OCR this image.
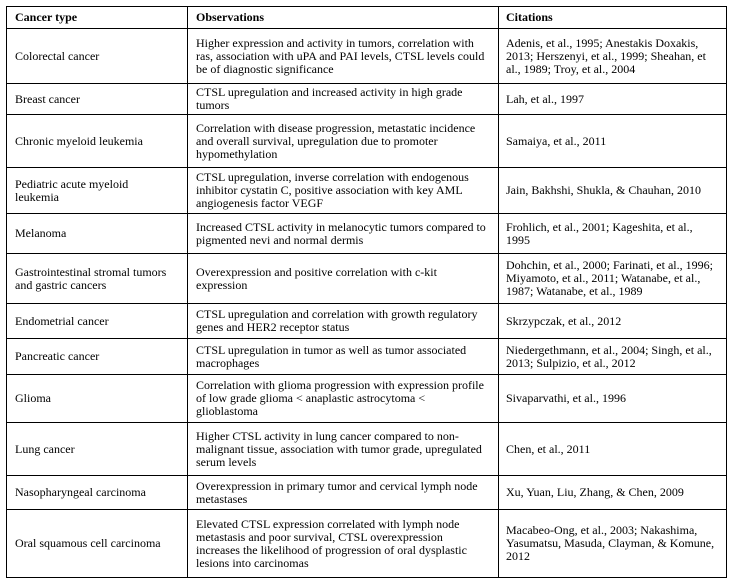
Cancer type	Observations	Citations
Colorectal cancer	Higher expression and activity in tumors, correlation with ras, association with uPA and PAI levels, CTSL levels could be of diagnostic significance	Adenis, et al., 1995; Anestakis Doxakis, 2013; Herszenyi, et al., 1999; Sheahan, et al., 1989; Troy, et al., 2004
Breast cancer	CTSL upregulation and increased activity in high grade tumors	Lah, et al., 1997
Chronic myeloid leukemia	Correlation with disease progression, metastatic incidence and overall survival, upregulation due to promoter hypomethylation	Samaiya, et al., 2011
Pediatric acute myeloid leukemia	CTSL upregulation, inverse correlation with endogenous inhibitor cystatin C, positive association with key AML angiogenesis factor VEGF	Jain, Bakhshi, Shukla, & Chauhan, 2010
Melanoma	Increased CTSL activity in melanocytic tumors compared to pigmented nevi and normal dermis	Frohlich, et al., 2001; Kageshita, et al., 1995
Gastrointestinal stromal tumors and gastric cancers	Overexpression and positive correlation with c-kit expression	Dohchin, et al., 2000; Farinati, et al., 1996; Miyamoto, et al., 2011; Watanabe, et al., 1987; Watanabe, et al., 1989
Endometrial cancer	CTSL upregulation and correlation with growth regulatory genes and HER2 receptor status	Skrzypczak, et al., 2012
Pancreatic cancer	CTSL upregulation in tumor as well as tumor associated macrophages	Niedergethmann, et al., 2004; Singh, et al., 2013; Sulpizio, et al., 2012
Glioma	Correlation with glioma progression with expression profile of low grade glioma < anaplastic astrocytoma < glioblastoma	Sivaparvathi, et al., 1996
Lung cancer	Higher CTSL activity in lung cancer compared to non-malignant tissue, association with tumor grade, upregulated serum levels	Chen, et al., 2011
Nasopharyngeal carcinoma	Overexpression in primary tumor and cervical lymph node metastases	Xu, Yuan, Liu, Zhang, & Chen, 2009
Oral squamous cell carcinoma	Elevated CTSL expression correlated with lymph node metastasis and poor survival, CTSL overexpression increases the likelihood of progression of oral dysplastic lesions into carcinomas	Macabeo-Ong, et al., 2003; Nakashima, Yasumatsu, Masuda, Clayman, & Komune, 2012
